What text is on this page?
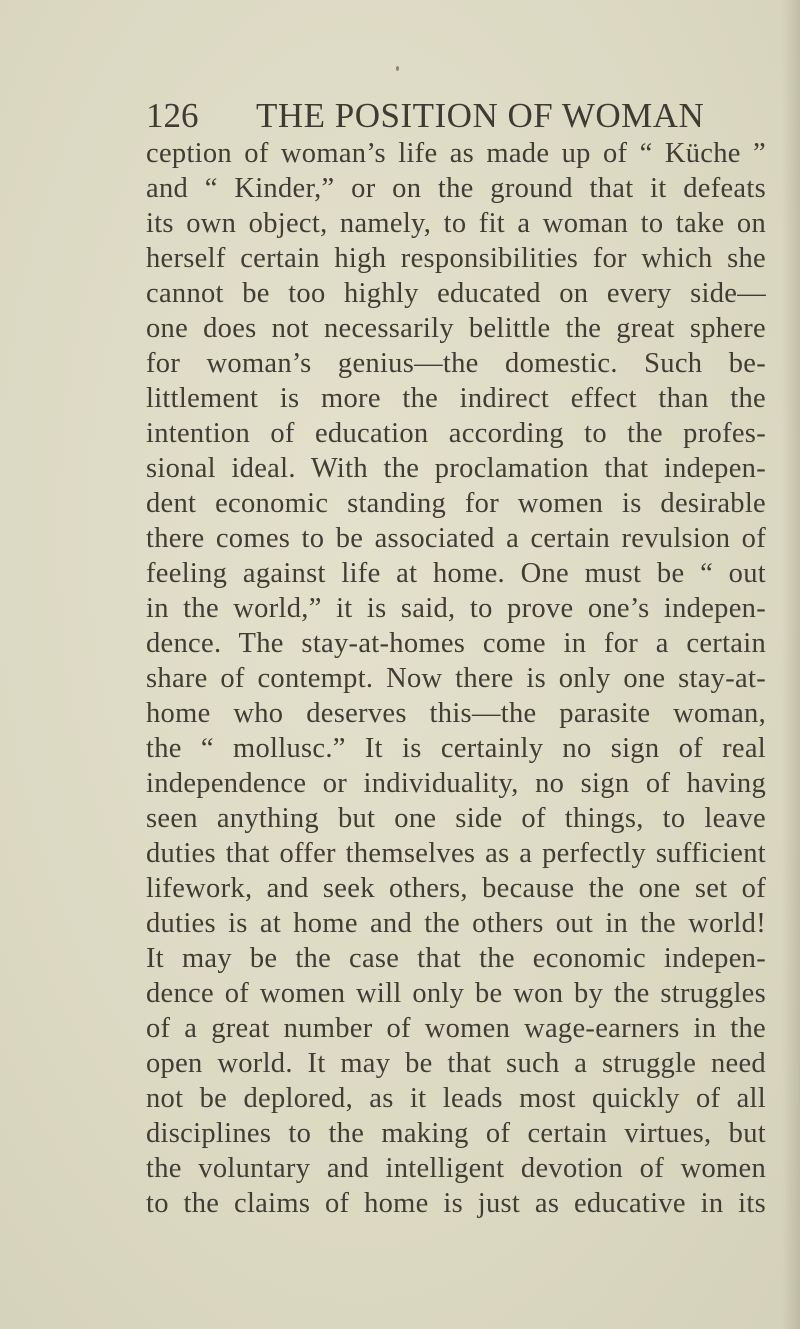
126 THE POSITION OF WOMAN
ception of woman’s life as made up of “ Küche ”
and “ Kinder,” or on the ground that it defeats
its own object, namely, to fit a woman to take on
herself certain high responsibilities for which she
cannot be too highly educated on every side—
one does not necessarily belittle the great sphere
for woman’s genius—the domestic. Such be-
littlement is more the indirect effect than the
intention of education according to the profes-
sional ideal. With the proclamation that indepen-
dent economic standing for women is desirable
there comes to be associated a certain revulsion of
feeling against life at home. One must be “ out
in the world,” it is said, to prove one’s indepen-
dence. The stay-at-homes come in for a certain
share of contempt. Now there is only one stay-at-
home who deserves this—the parasite woman,
the “ mollusc.” It is certainly no sign of real
independence or individuality, no sign of having
seen anything but one side of things, to leave
duties that offer themselves as a perfectly sufficient
lifework, and seek others, because the one set of
duties is at home and the others out in the world!
It may be the case that the economic indepen-
dence of women will only be won by the struggles
of a great number of women wage-earners in the
open world. It may be that such a struggle need
not be deplored, as it leads most quickly of all
disciplines to the making of certain virtues, but
the voluntary and intelligent devotion of women
to the claims of home is just as educative in its
